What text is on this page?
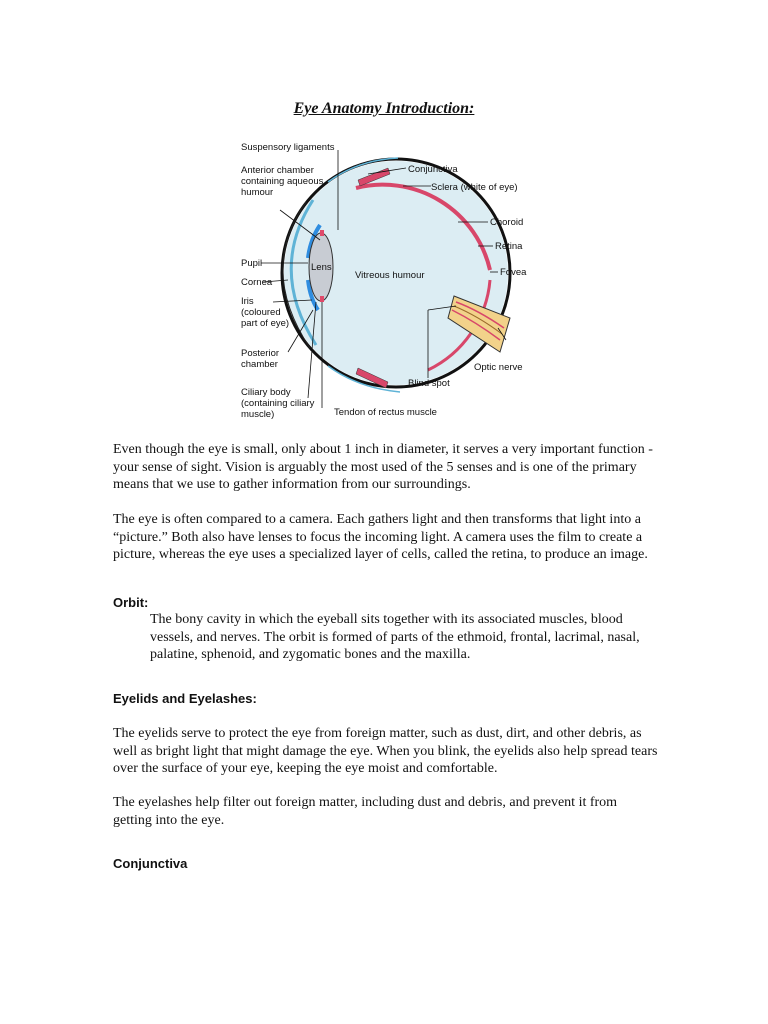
Eye Anatomy Introduction:
Suspensory ligaments
Anterior chamber
containing aqueous
humour
Pupil
Cornea
Iris
(coloured
part of eye)
Posterior
chamber
Ciliary body
(containing ciliary
muscle)	Tendon of rectus muscle
Lens
Vitreous humour
Conjunctiva
Sclera (white of eye)
Choroid
Retina
Fovea
Optic nerve
Blind spot

Even though the eye is small, only about 1 inch in diameter, it serves a very important function - your sense of sight. Vision is arguably the most used of the 5 senses and is one of the primary means that we use to gather information from our surroundings.

The eye is often compared to a camera. Each gathers light and then transforms that light into a “picture.” Both also have lenses to focus the incoming light. A camera uses the film to create a picture, whereas the eye uses a specialized layer of cells, called the retina, to produce an image.

Orbit:

The bony cavity in which the eyeball sits together with its associated muscles, blood vessels, and nerves. The orbit is formed of parts of the ethmoid, frontal, lacrimal, nasal, palatine, sphenoid, and zygomatic bones and the maxilla.

Eyelids and Eyelashes:

The eyelids serve to protect the eye from foreign matter, such as dust, dirt, and other debris, as well as bright light that might damage the eye. When you blink, the eyelids also help spread tears over the surface of your eye, keeping the eye moist and comfortable.

The eyelashes help filter out foreign matter, including dust and debris, and prevent it from getting into the eye.

Conjunctiva
